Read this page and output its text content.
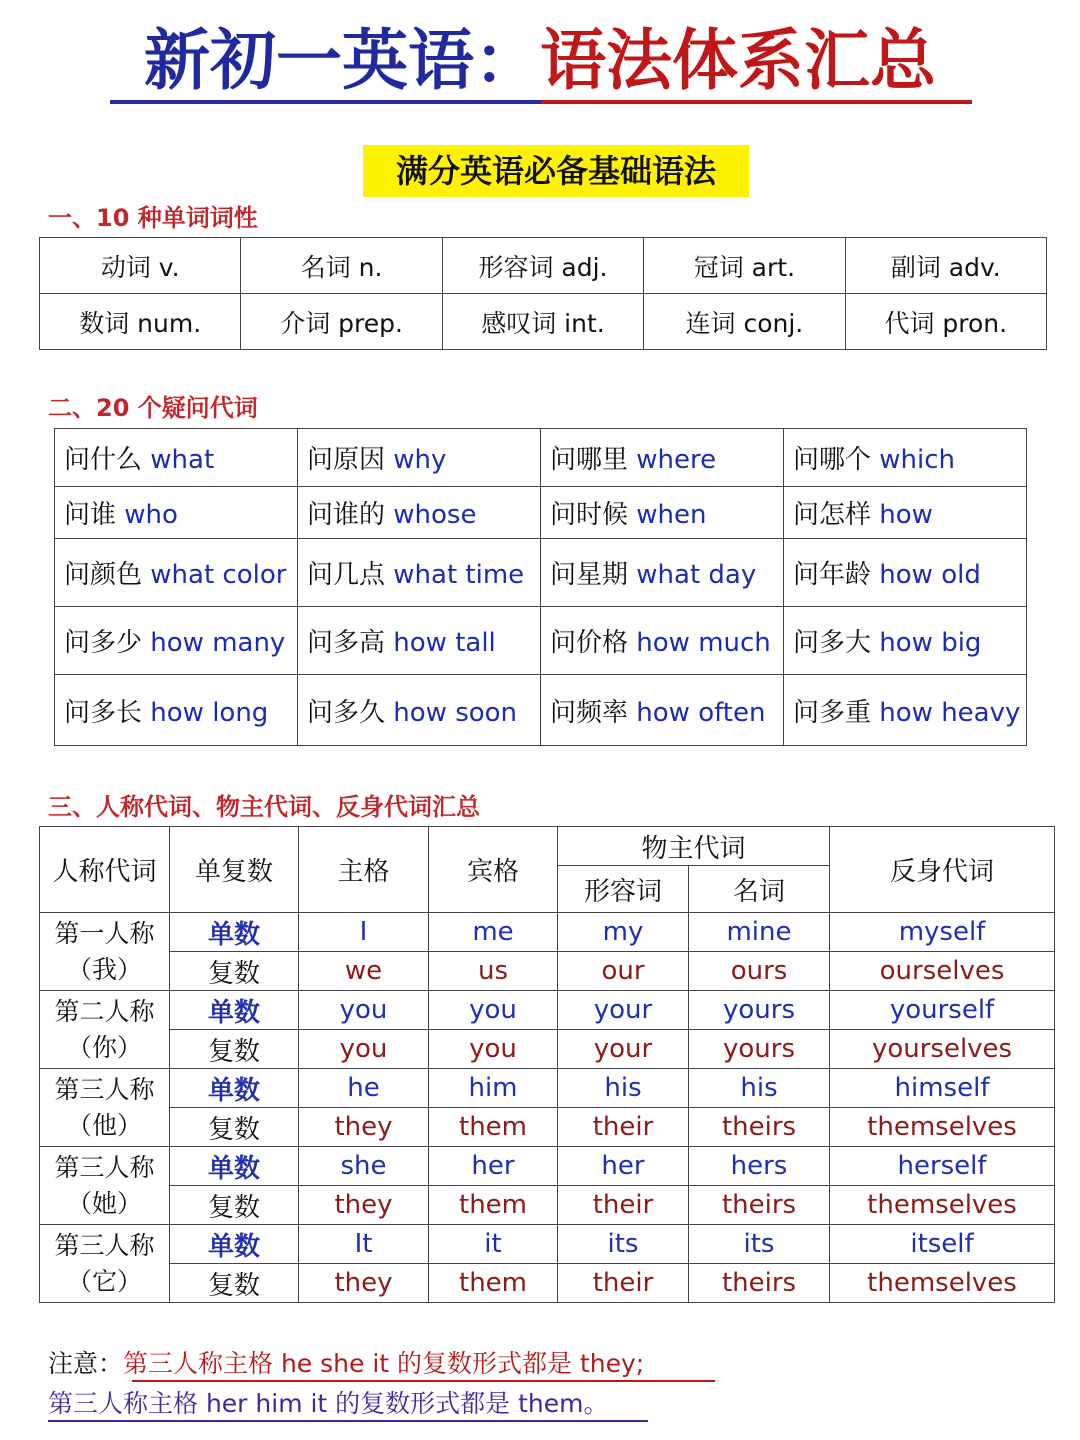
新初一英语：语法体系汇总
满分英语必备基础语法
一、10 种单词词性
动词 v.	名词 n.	形容词 adj.	冠词 art.	副词 adv.
数词 num.	介词 prep.	感叹词 int.	连词 conj.	代词 pron.
二、20 个疑问代词
问什么 what	问原因 why	问哪里 where	问哪个 which
问谁 who	问谁的 whose	问时候 when	问怎样 how
问颜色 what color	问几点 what time	问星期 what day	问年龄 how old
问多少 how many	问多高 how tall	问价格 how much	问多大 how big
问多长 how long	问多久 how soon	问频率 how often	问多重 how heavy
三、人称代词、物主代词、反身代词汇总
人称代词	单复数	主格	宾格	物主代词		反身代词
				形容词	名词	

第一人称
（我）	单数	I	me	my	mine	myself
	复数	we	us	our	ours	ourselves

第二人称
（你）	单数	you	you	your	yours	yourself
	复数	you	you	your	yours	yourselves

第三人称
（他）	单数	he	him	his	his	himself
	复数	they	them	their	theirs	themselves

第三人称
（她）	单数	she	her	her	hers	herself
	复数	they	them	their	theirs	themselves

第三人称
（它）	单数	It	it	its	its	itself
	复数	they	them	their	theirs	themselves
注意：第三人称主格 he she it 的复数形式都是 they;
第三人称主格 her him it 的复数形式都是 them。
